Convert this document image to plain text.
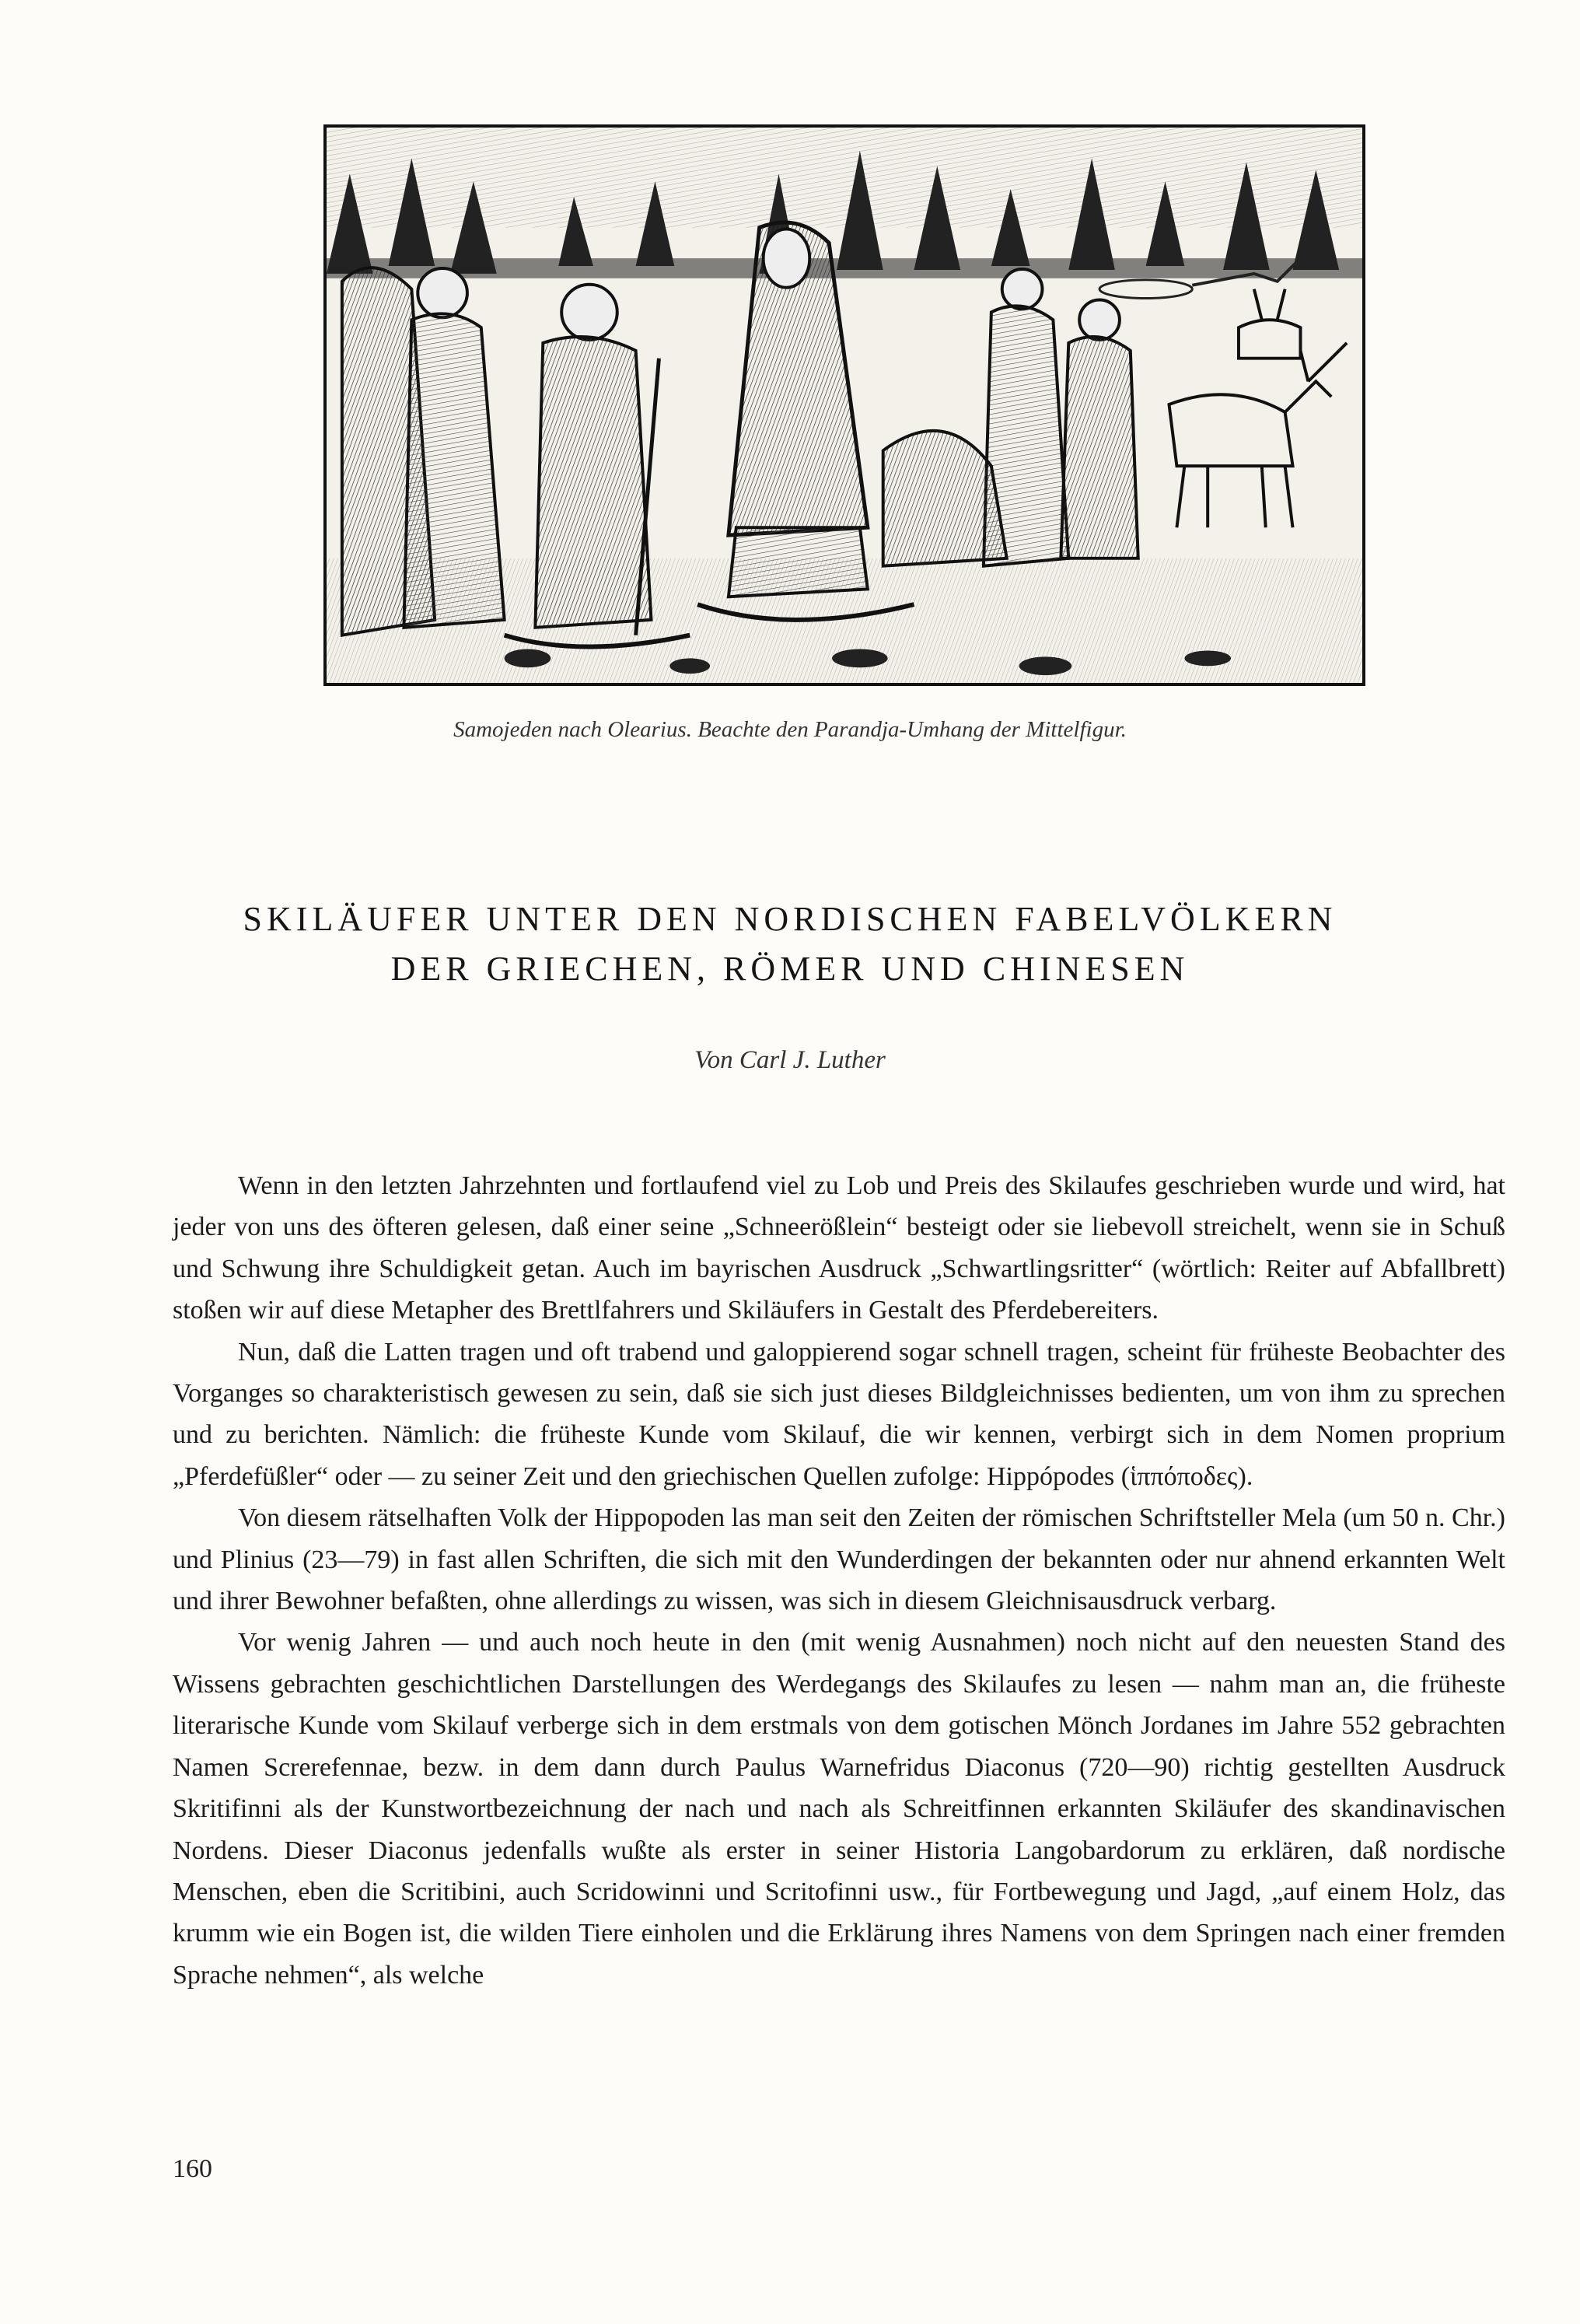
Samojeden nach Olearius. Beachte den Parandja-Umhang der Mittelfigur.
SKILÄUFER UNTER DEN NORDISCHEN FABELVÖLKERN
DER GRIECHEN, RÖMER UND CHINESEN
Von Carl J. Luther

Wenn in den letzten Jahrzehnten und fortlaufend viel zu Lob und Preis des Skilaufes geschrieben wurde und wird, hat jeder von uns des öfteren gelesen, daß einer seine „Schneerößlein“ besteigt oder sie liebevoll streichelt, wenn sie in Schuß und Schwung ihre Schuldigkeit getan. Auch im bayrischen Ausdruck „Schwartlingsritter“ (wörtlich: Reiter auf Abfallbrett) stoßen wir auf diese Metapher des Brettlfahrers und Skiläufers in Gestalt des Pferdebereiters.

Nun, daß die Latten tragen und oft trabend und galoppierend sogar schnell tragen, scheint für früheste Beobachter des Vorganges so charakteristisch gewesen zu sein, daß sie sich just dieses Bildgleichnisses bedienten, um von ihm zu sprechen und zu berichten. Nämlich: die früheste Kunde vom Skilauf, die wir kennen, verbirgt sich in dem Nomen proprium „Pferdefüßler“ oder — zu seiner Zeit und den griechischen Quellen zufolge: Hippópodes (ἱππόποδες).

Von diesem rätselhaften Volk der Hippopoden las man seit den Zeiten der römischen Schriftsteller Mela (um 50 n. Chr.) und Plinius (23—79) in fast allen Schriften, die sich mit den Wunderdingen der bekannten oder nur ahnend erkannten Welt und ihrer Bewohner befaßten, ohne allerdings zu wissen, was sich in diesem Gleichnisausdruck verbarg.

Vor wenig Jahren — und auch noch heute in den (mit wenig Ausnahmen) noch nicht auf den neuesten Stand des Wissens gebrachten geschichtlichen Darstellungen des Werdegangs des Skilaufes zu lesen — nahm man an, die früheste literarische Kunde vom Skilauf verberge sich in dem erstmals von dem gotischen Mönch Jordanes im Jahre 552 gebrachten Namen Screrefennae, bezw. in dem dann durch Paulus Warnefridus Diaconus (720—90) richtig gestellten Ausdruck Skritifinni als der Kunstwortbezeichnung der nach und nach als Schreitfinnen erkannten Skiläufer des skandinavischen Nordens. Dieser Diaconus jedenfalls wußte als erster in seiner Historia Langobardorum zu erklären, daß nordische Menschen, eben die Scritibini, auch Scridowinni und Scritofinni usw., für Fortbewegung und Jagd, „auf einem Holz, das krumm wie ein Bogen ist, die wilden Tiere einholen und die Erklärung ihres Namens von dem Springen nach einer fremden Sprache nehmen“, als welche

160
